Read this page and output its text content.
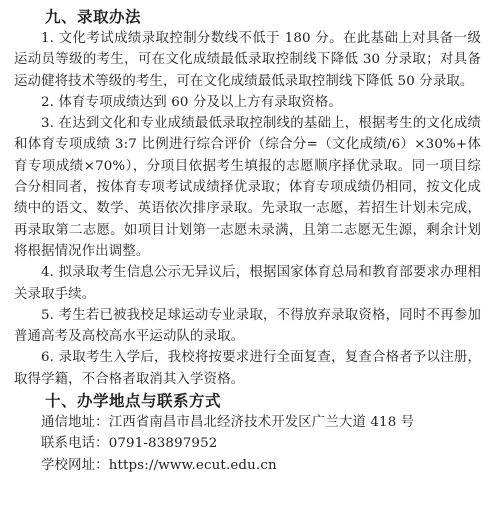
九、录取办法

1. 文化考试成绩录取控制分数线不低于 180 分。在此基础上对具备一级运动员等级的考生，可在文化成绩最低录取控制线下降低 30 分录取；对具备运动健将技术等级的考生，可在文化成绩最低录取控制线下降低 50 分录取。

2. 体育专项成绩达到 60 分及以上方有录取资格。

3. 在达到文化和专业成绩最低录取控制线的基础上，根据考生的文化成绩和体育专项成绩 3:7 比例进行综合评价（综合分=（文化成绩/6）×30%+体育专项成绩×70%），分项目依据考生填报的志愿顺序择优录取。同一项目综合分相同者，按体育专项考试成绩择优录取；体育专项成绩仍相同，按文化成绩中的语文、数学、英语依次排序录取。先录取一志愿，若招生计划未完成，再录取第二志愿。如项目计划第一志愿未录满，且第二志愿无生源，剩余计划将根据情况作出调整。

4. 拟录取考生信息公示无异议后，根据国家体育总局和教育部要求办理相关录取手续。

5. 考生若已被我校足球运动专业录取，不得放弃录取资格，同时不再参加普通高考及高校高水平运动队的录取。

6. 录取考生入学后，我校将按要求进行全面复查，复查合格者予以注册，取得学籍，不合格者取消其入学资格。

十、办学地点与联系方式

通信地址：江西省南昌市昌北经济技术开发区广兰大道 418 号

联系电话：0791-83897952

学校网址：https://www.ecut.edu.cn
